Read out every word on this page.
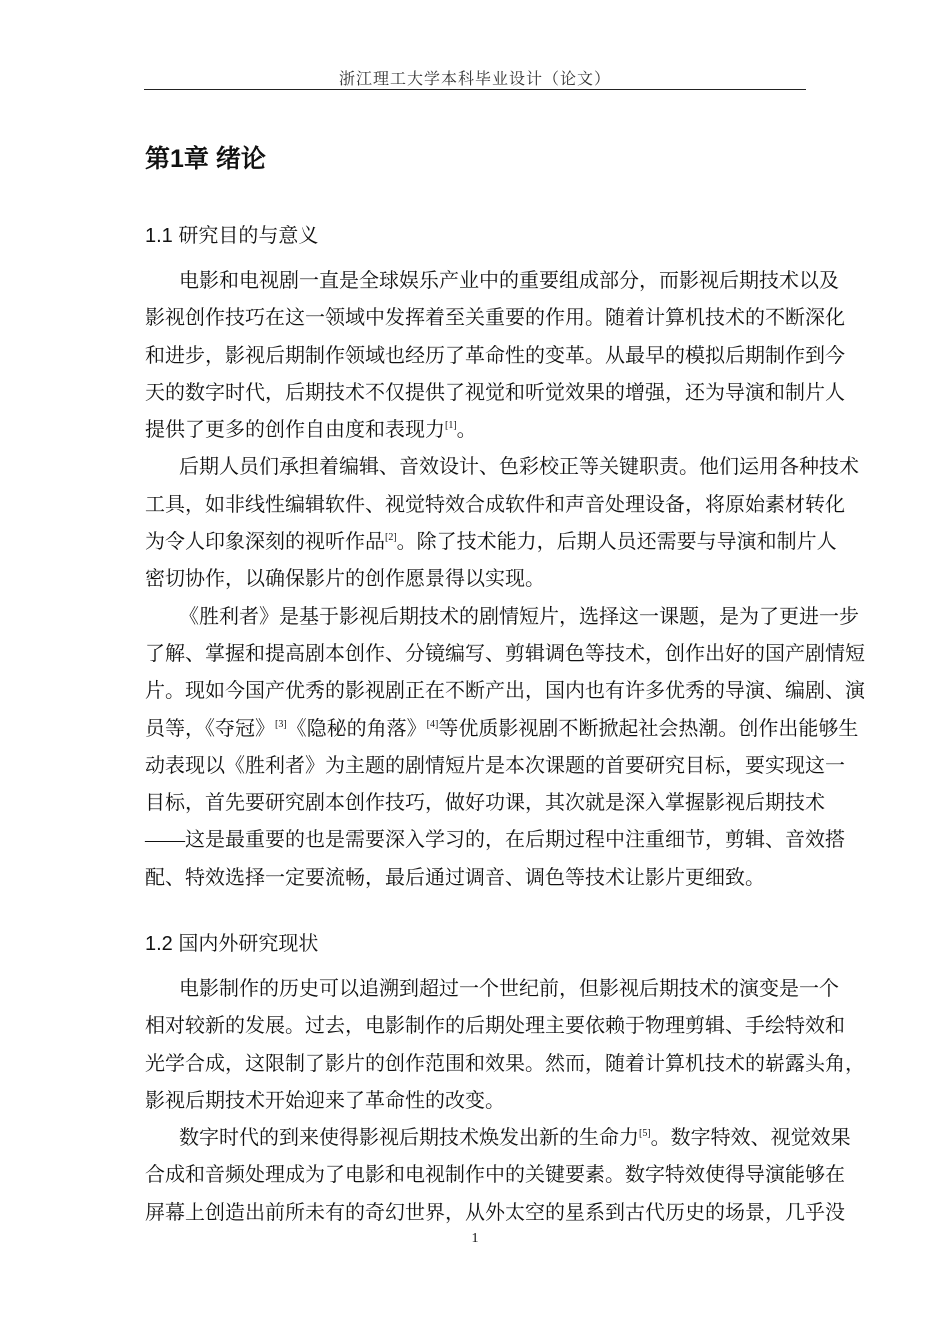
浙江理工大学本科毕业设计（论文）
第1章 绪论
1.1 研究目的与意义
电影和电视剧一直是全球娱乐产业中的重要组成部分，而影视后期技术以及
影视创作技巧在这一领域中发挥着至关重要的作用。随着计算机技术的不断深化
和进步，影视后期制作领域也经历了革命性的变革。从最早的模拟后期制作到今
天的数字时代，后期技术不仅提供了视觉和听觉效果的增强，还为导演和制片人
提供了更多的创作自由度和表现力[1]。
后期人员们承担着编辑、音效设计、色彩校正等关键职责。他们运用各种技术
工具，如非线性编辑软件、视觉特效合成软件和声音处理设备，将原始素材转化
为令人印象深刻的视听作品[2]。除了技术能力，后期人员还需要与导演和制片人
密切协作，以确保影片的创作愿景得以实现。
《胜利者》是基于影视后期技术的剧情短片，选择这一课题，是为了更进一步
了解、掌握和提高剧本创作、分镜编写、剪辑调色等技术，创作出好的国产剧情短
片。现如今国产优秀的影视剧正在不断产出，国内也有许多优秀的导演、编剧、演
员等，《夺冠》[3]《隐秘的角落》[4]等优质影视剧不断掀起社会热潮。创作出能够生
动表现以《胜利者》为主题的剧情短片是本次课题的首要研究目标，要实现这一
目标，首先要研究剧本创作技巧，做好功课，其次就是深入掌握影视后期技术
——这是最重要的也是需要深入学习的，在后期过程中注重细节，剪辑、音效搭
配、特效选择一定要流畅，最后通过调音、调色等技术让影片更细致。
1.2 国内外研究现状
电影制作的历史可以追溯到超过一个世纪前，但影视后期技术的演变是一个
相对较新的发展。过去，电影制作的后期处理主要依赖于物理剪辑、手绘特效和
光学合成，这限制了影片的创作范围和效果。然而，随着计算机技术的崭露头角，
影视后期技术开始迎来了革命性的改变。
数字时代的到来使得影视后期技术焕发出新的生命力[5]。数字特效、视觉效果
合成和音频处理成为了电影和电视制作中的关键要素。数字特效使得导演能够在
屏幕上创造出前所未有的奇幻世界，从外太空的星系到古代历史的场景，几乎没
1
